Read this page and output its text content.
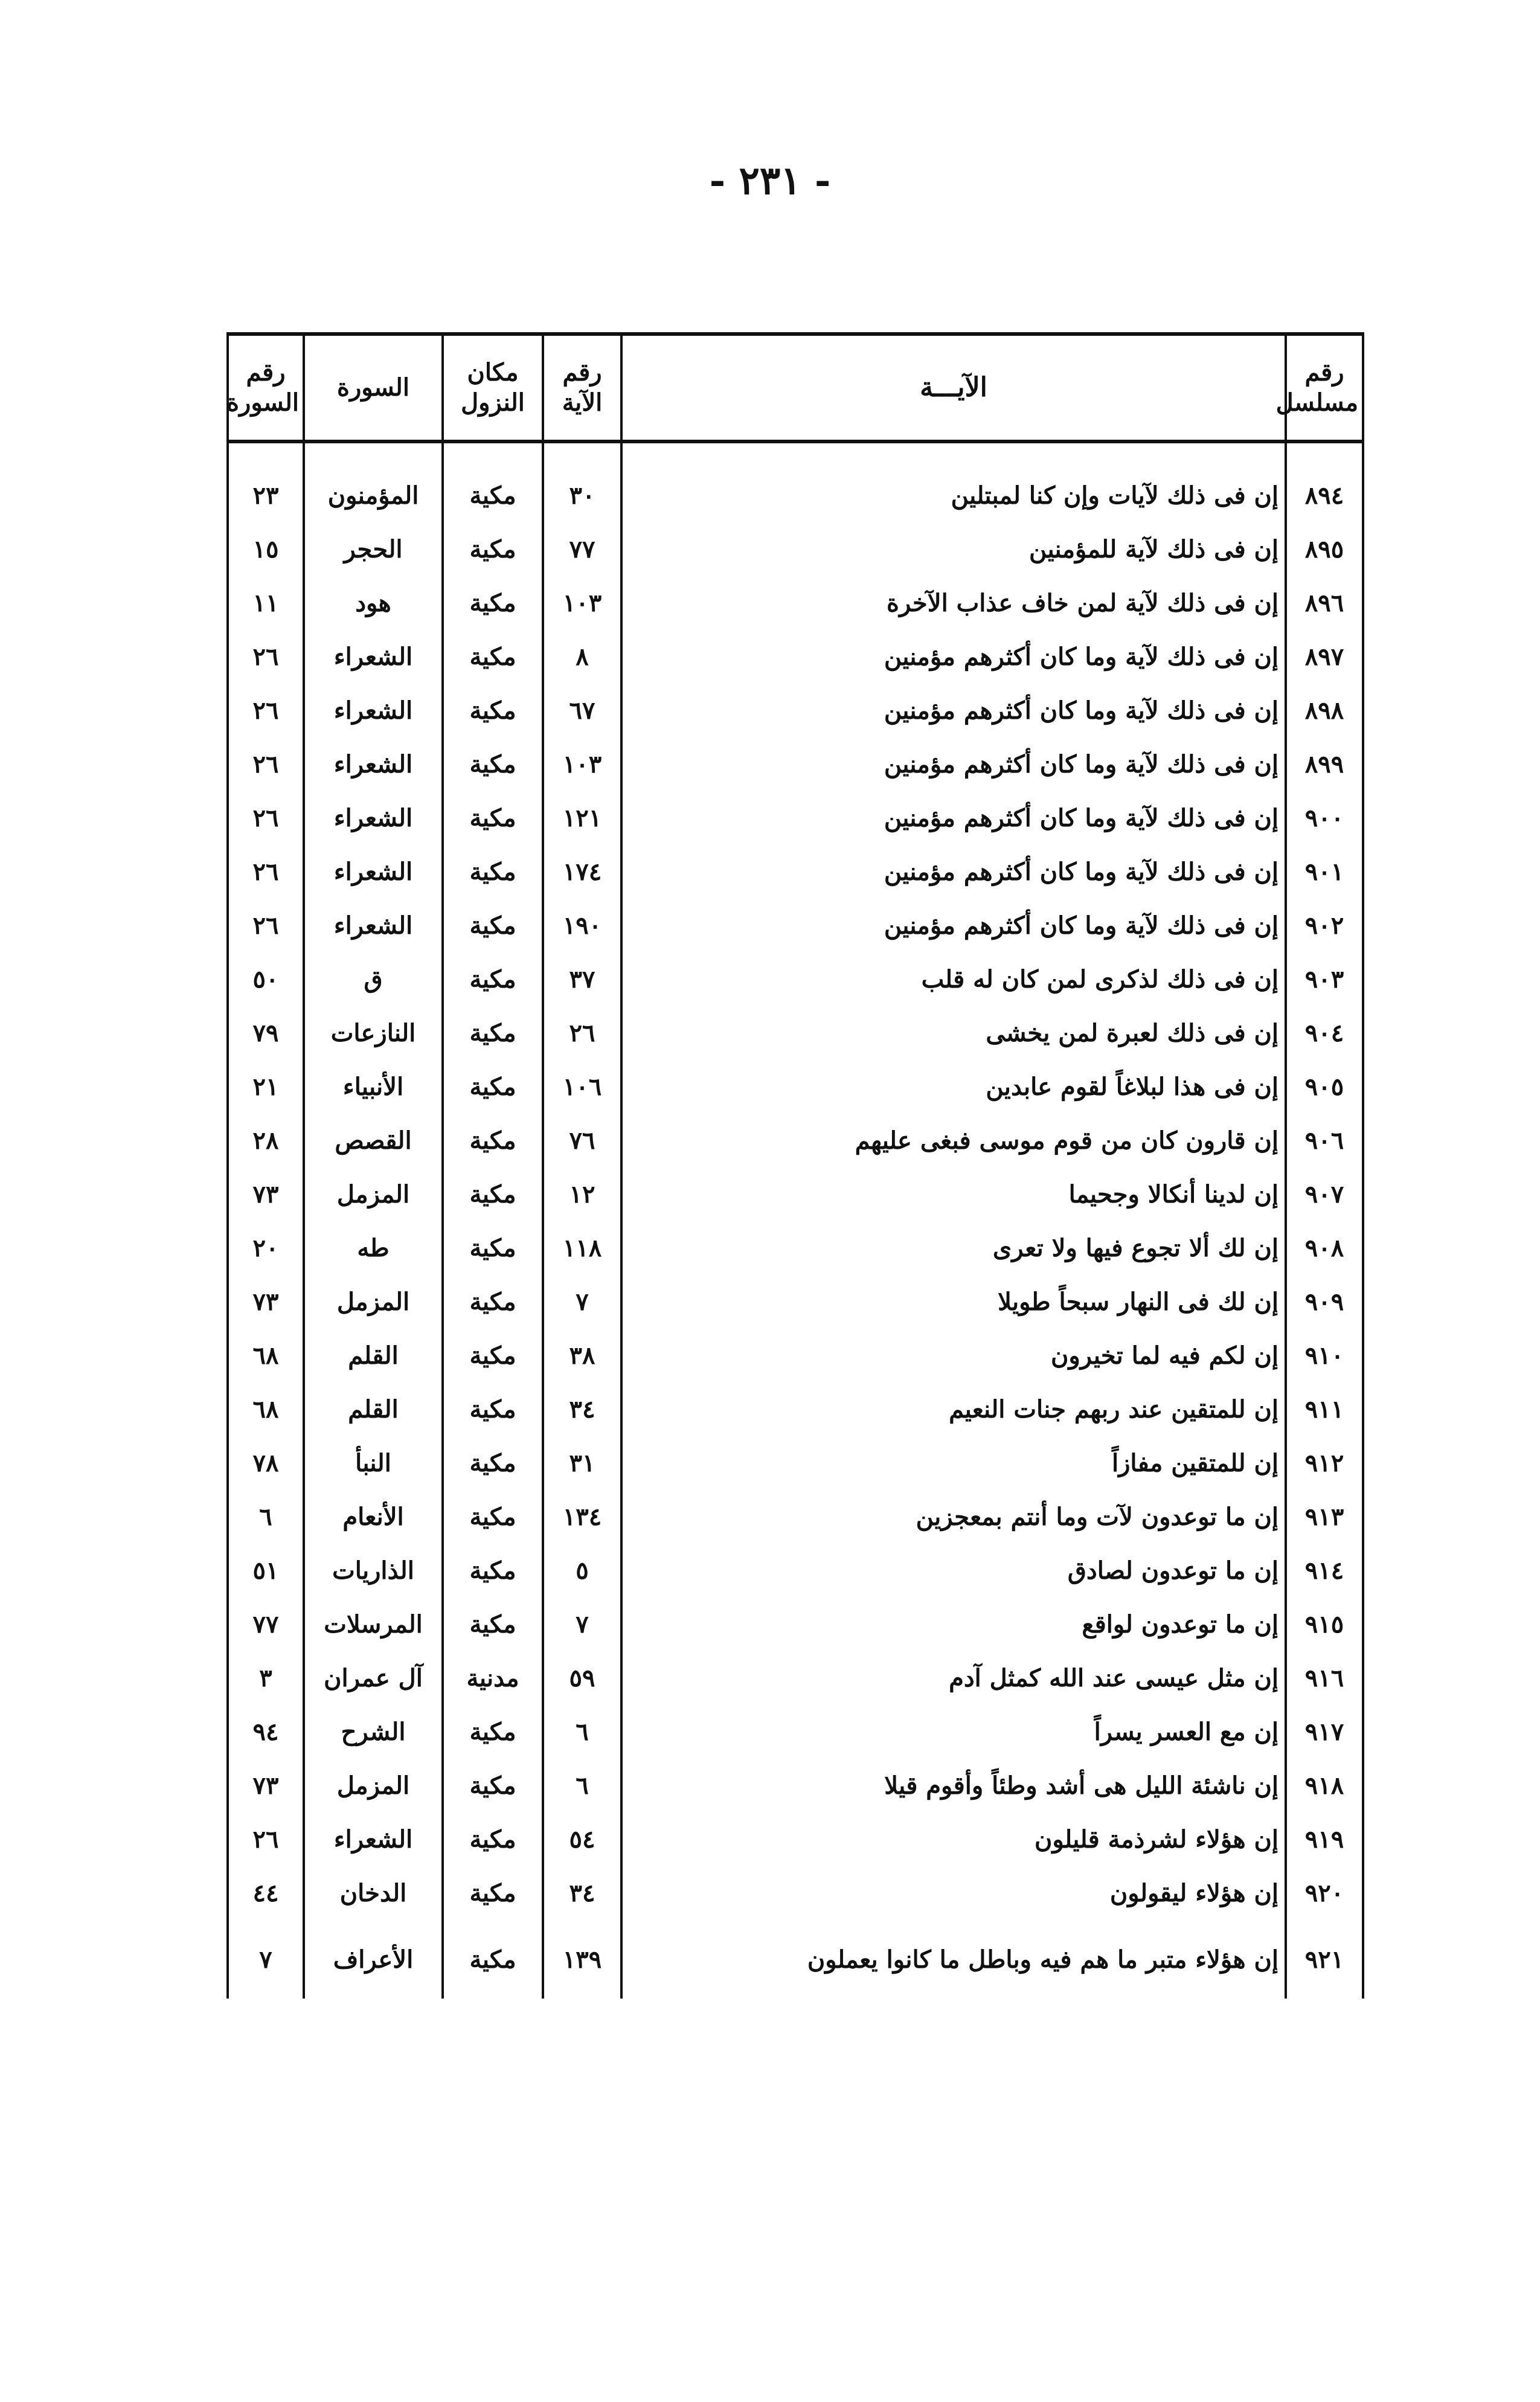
- ٢٣١ -
رقم مسلسل	الآيـــة	رقم الآية	مكان النزول	السورة	رقم السورة

٨٩٤	إن فى ذلك لآيات وإن كنا لمبتلين	٣٠	مكية	المؤمنون	٢٣
٨٩٥	إن فى ذلك لآية للمؤمنين	٧٧	مكية	الحجر	١٥
٨٩٦	إن فى ذلك لآية لمن خاف عذاب الآخرة	١٠٣	مكية	هود	١١
٨٩٧	إن فى ذلك لآية وما كان أكثرهم مؤمنين	٨	مكية	الشعراء	٢٦
٨٩٨	إن فى ذلك لآية وما كان أكثرهم مؤمنين	٦٧	مكية	الشعراء	٢٦
٨٩٩	إن فى ذلك لآية وما كان أكثرهم مؤمنين	١٠٣	مكية	الشعراء	٢٦
٩٠٠	إن فى ذلك لآية وما كان أكثرهم مؤمنين	١٢١	مكية	الشعراء	٢٦
٩٠١	إن فى ذلك لآية وما كان أكثرهم مؤمنين	١٧٤	مكية	الشعراء	٢٦
٩٠٢	إن فى ذلك لآية وما كان أكثرهم مؤمنين	١٩٠	مكية	الشعراء	٢٦
٩٠٣	إن فى ذلك لذكرى لمن كان له قلب	٣٧	مكية	ق	٥٠
٩٠٤	إن فى ذلك لعبرة لمن يخشى	٢٦	مكية	النازعات	٧٩
٩٠٥	إن فى هذا لبلاغاً لقوم عابدين	١٠٦	مكية	الأنبياء	٢١
٩٠٦	إن قارون كان من قوم موسى فبغى عليهم	٧٦	مكية	القصص	٢٨
٩٠٧	إن لدينا أنكالا وجحيما	١٢	مكية	المزمل	٧٣
٩٠٨	إن لك ألا تجوع فيها ولا تعرى	١١٨	مكية	طه	٢٠
٩٠٩	إن لك فى النهار سبحاً طويلا	٧	مكية	المزمل	٧٣
٩١٠	إن لكم فيه لما تخيرون	٣٨	مكية	القلم	٦٨
٩١١	إن للمتقين عند ربهم جنات النعيم	٣٤	مكية	القلم	٦٨
٩١٢	إن للمتقين مفازاً	٣١	مكية	النبأ	٧٨
٩١٣	إن ما توعدون لآت وما أنتم بمعجزين	١٣٤	مكية	الأنعام	٦
٩١٤	إن ما توعدون لصادق	٥	مكية	الذاريات	٥١
٩١٥	إن ما توعدون لواقع	٧	مكية	المرسلات	٧٧
٩١٦	إن مثل عيسى عند الله كمثل آدم	٥٩	مدنية	آل عمران	٣
٩١٧	إن مع العسر يسراً	٦	مكية	الشرح	٩٤
٩١٨	إن ناشئة الليل هى أشد وطئاً وأقوم قيلا	٦	مكية	المزمل	٧٣
٩١٩	إن هؤلاء لشرذمة قليلون	٥٤	مكية	الشعراء	٢٦
٩٢٠	إن هؤلاء ليقولون	٣٤	مكية	الدخان	٤٤
٩٢١	إن هؤلاء متبر ما هم فيه وباطل ما كانوا يعملون	١٣٩	مكية	الأعراف	٧
